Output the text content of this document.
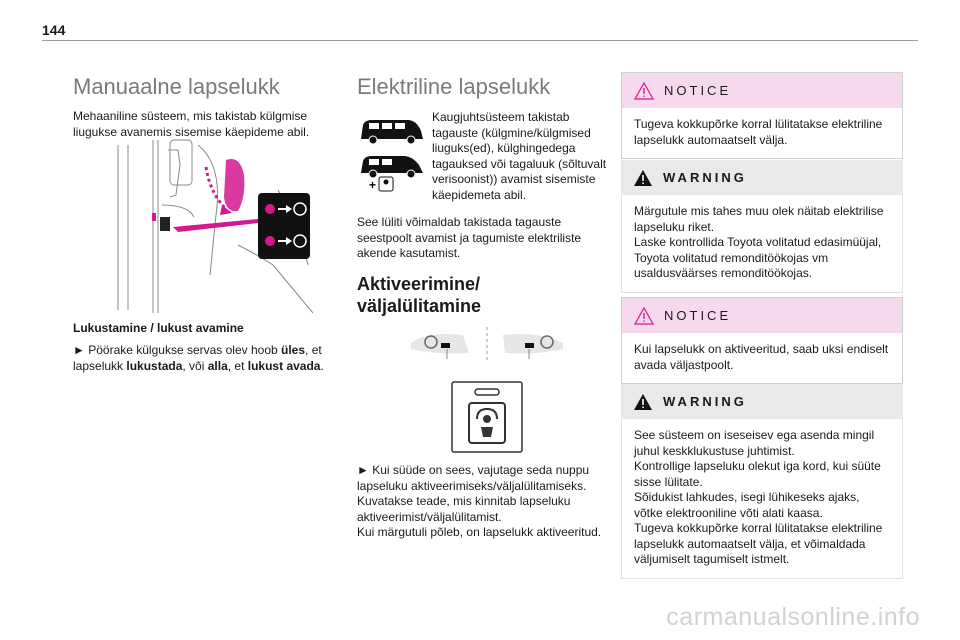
144
Manuaalne lapselukk
Mehaaniline süsteem, mis takistab külgmise liugukse avanemis sisemise käepideme abil.
Lukustamine / lukust avamine
► Pöörake külgukse servas olev hoob üles, et lapselukk lukustada, või alla, et lukust avada.
Elektriline lapselukk
+
Kaugjuhtsüsteem takistab tagauste (külgmine/külgmised liuguks(ed), külghingedega tagauksed või tagaluuk (sõltuvalt verisoonist)) avamist sisemiste käepidemeta abil.
See lüliti võimaldab takistada tagauste seestpoolt avamist ja tagumiste elektriliste akende kasutamist.
Aktiveerimine/ väljalülitamine
► Kui süüde on sees, vajutage seda nuppu lapseluku aktiveerimiseks/väljalülitamiseks.
Kuvatakse teade, mis kinnitab lapseluku aktiveerimist/väljalülitamist.
Kui märgutuli põleb, on lapselukk aktiveeritud.
NOTICE
Tugeva kokkupõrke korral lülitatakse elektriline lapselukk automaatselt välja.
WARNING
Märgutule mis tahes muu olek näitab elektrilise lapseluku riket.
Laske kontrollida Toyota volitatud edasimüüjal, Toyota volitatud remonditöökojas vm usaldusväärses remonditöökojas.
NOTICE
Kui lapselukk on aktiveeritud, saab uksi endiselt avada väljastpoolt.
WARNING
See süsteem on iseseisev ega asenda mingil juhul keskklukustuse juhtimist.
Kontrollige lapseluku olekut iga kord, kui süüte sisse lülitate.
Sõidukist lahkudes, isegi lühikeseks ajaks, võtke elektrooniline võti alati kaasa.
Tugeva kokkupõrke korral lülitatakse elektriline lapselukk automaatselt välja, et võimaldada väljumiselt tagumiselt istmelt.
carmanualsonline.info
